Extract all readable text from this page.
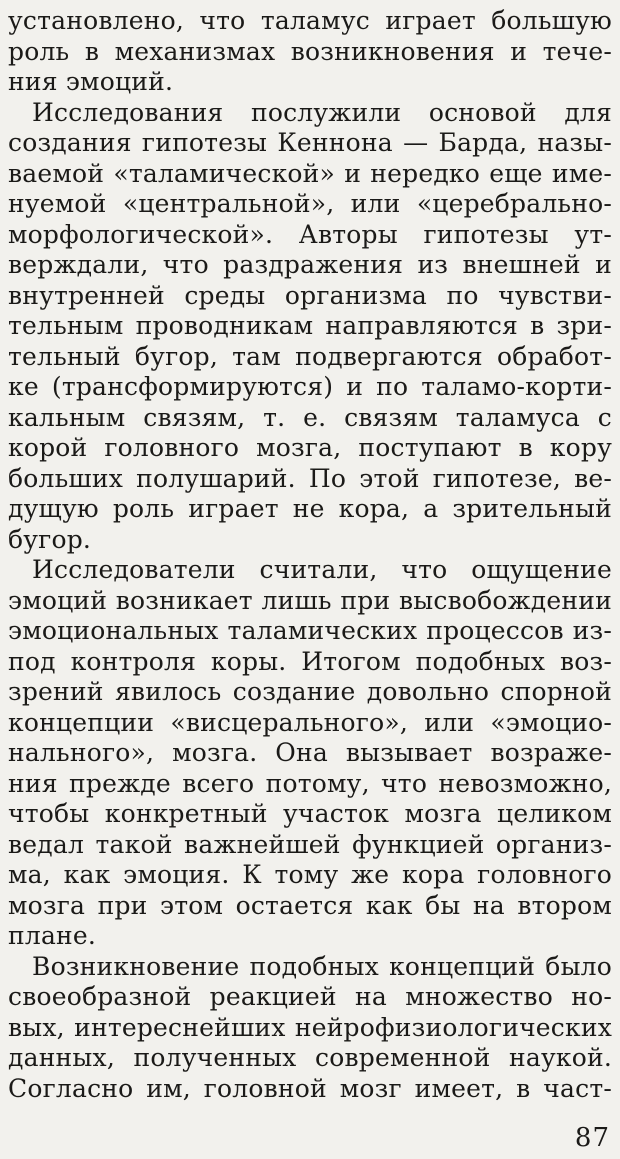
установлено, что таламус играет большую
роль в механизмах возникновения и тече-
ния эмоций.
Исследования послужили основой для
создания гипотезы Кеннона — Барда, назы-
ваемой «таламической» и нередко еще име-
нуемой «центральной», или «церебрально-
морфологической». Авторы гипотезы ут-
верждали, что раздражения из внешней и
внутренней среды организма по чувстви-
тельным проводникам направляются в зри-
тельный бугор, там подвергаются обработ-
ке (трансформируются) и по таламо-корти-
кальным связям, т. е. связям таламуса с
корой головного мозга, поступают в кору
больших полушарий. По этой гипотезе, ве-
дущую роль играет не кора, а зрительный
бугор.
Исследователи считали, что ощущение
эмоций возникает лишь при высвобождении
эмоциональных таламических процессов из-
под контроля коры. Итогом подобных воз-
зрений явилось создание довольно спорной
концепции «висцерального», или «эмоцио-
нального», мозга. Она вызывает возраже-
ния прежде всего потому, что невозможно,
чтобы конкретный участок мозга целиком
ведал такой важнейшей функцией организ-
ма, как эмоция. К тому же кора головного
мозга при этом остается как бы на втором
плане.
Возникновение подобных концепций было
своеобразной реакцией на множество но-
вых, интереснейших нейрофизиологических
данных, полученных современной наукой.
Согласно им, головной мозг имеет, в част-
87
